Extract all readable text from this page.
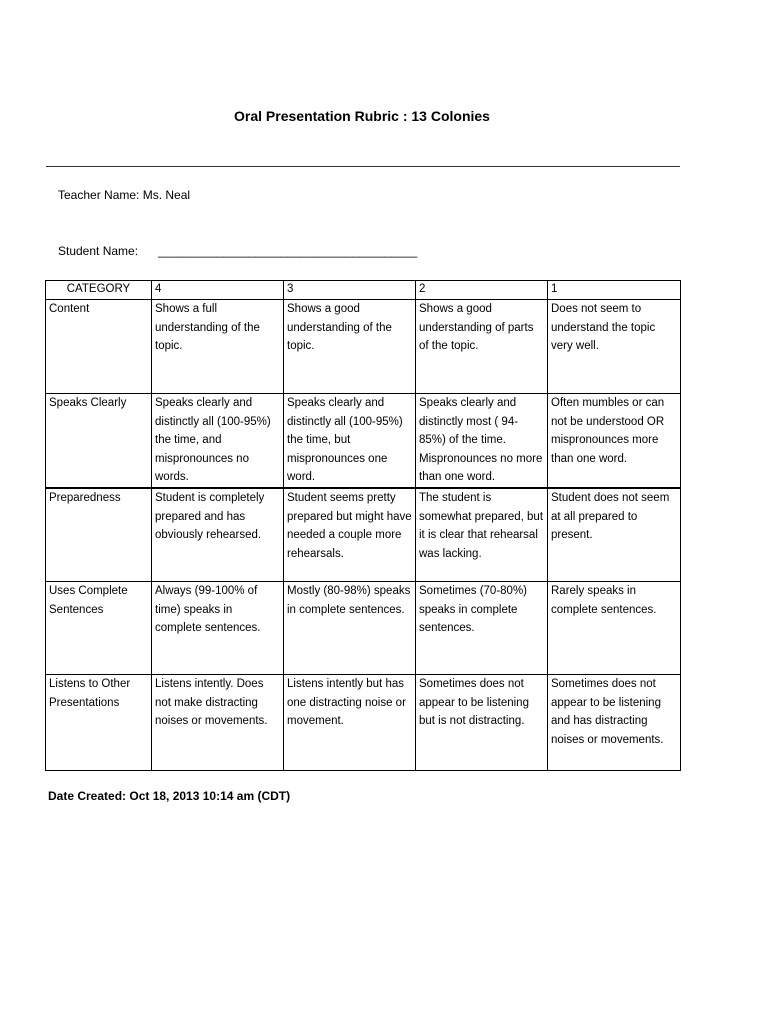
Oral Presentation Rubric : 13 Colonies
Teacher Name: Ms. Neal
Student Name: ________________________________________
CATEGORY	4	3	2	1
Content	Shows a full understanding of the topic.	Shows a good understanding of the topic.	Shows a good understanding of parts of the topic.	Does not seem to understand the topic very well.
Speaks Clearly	Speaks clearly and distinctly all (100-95%) the time, and mispronounces no words.	Speaks clearly and distinctly all (100-95%) the time, but mispronounces one word.	Speaks clearly and distinctly most ( 94-85%) of the time. Mispronounces no more than one word.	Often mumbles or can not be understood OR mispronounces more than one word.
Preparedness	Student is completely prepared and has obviously rehearsed.	Student seems pretty prepared but might have needed a couple more rehearsals.	The student is somewhat prepared, but it is clear that rehearsal was lacking.	Student does not seem at all prepared to present.
Uses Complete Sentences	Always (99-100% of time) speaks in complete sentences.	Mostly (80-98%) speaks in complete sentences.	Sometimes (70-80%) speaks in complete sentences.	Rarely speaks in complete sentences.
Listens to Other Presentations	Listens intently. Does not make distracting noises or movements.	Listens intently but has one distracting noise or movement.	Sometimes does not appear to be listening but is not distracting.	Sometimes does not appear to be listening and has distracting noises or movements.
Date Created: Oct 18, 2013 10:14 am (CDT)
